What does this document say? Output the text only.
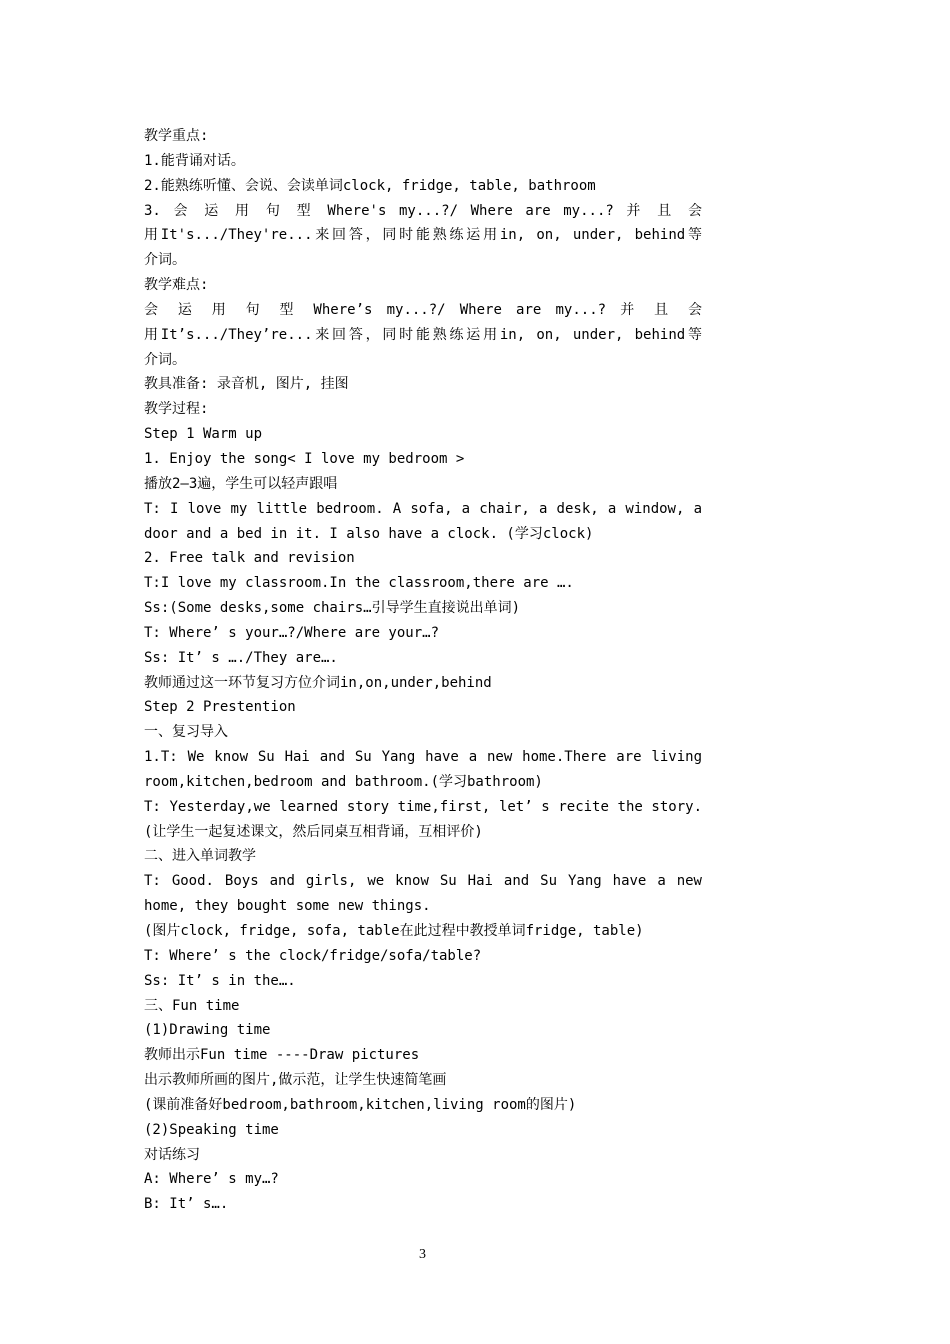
教学重点:
1.能背诵对话。
2.能熟练听懂、会说、会读单词clock, fridge, table, bathroom
3. 会 运 用 句 型 Where's my...?/ Where are my...? 并 且 会
用It's.../They're...来回答，同时能熟练运用in, on, under, behind等
介词。
教学难点:
会 运 用 句 型 Where’s my...?/ Where are my...? 并 且 会
用It’s.../They’re...来回答，同时能熟练运用in, on, under, behind等
介词。
教具准备: 录音机, 图片, 挂图
教学过程:
Step 1 Warm up
1. Enjoy the song< I love my bedroom >
播放2—3遍，学生可以轻声跟唱
T: I love my little bedroom. A sofa, a chair, a desk, a window, a
door and a bed in it. I also have a clock. (学习clock)
2. Free talk and revision
T:I love my classroom.In the classroom,there are ….
Ss:(Some desks,some chairs…引导学生直接说出单词)
T: Where’ s your…?/Where are your…?
Ss: It’ s …./They are….
教师通过这一环节复习方位介词in,on,under,behind
Step 2 Prestention
一、复习导入
1.T: We know Su Hai and Su Yang have a new home.There are living
room,kitchen,bedroom and bathroom.(学习bathroom)
T: Yesterday,we learned story time,first, let’ s recite the story.
(让学生一起复述课文，然后同桌互相背诵，互相评价)
二、进入单词教学
T: Good. Boys and girls, we know Su Hai and Su Yang have a new
home, they bought some new things.
(图片clock, fridge, sofa, table在此过程中教授单词fridge, table)
T: Where’ s the clock/fridge/sofa/table?
Ss: It’ s in the….
三、Fun time
(1)Drawing time
教师出示Fun time ----Draw pictures
出示教师所画的图片,做示范，让学生快速简笔画
(课前准备好bedroom,bathroom,kitchen,living room的图片)
(2)Speaking time
对话练习
A: Where’ s my…?
B: It’ s….
3
